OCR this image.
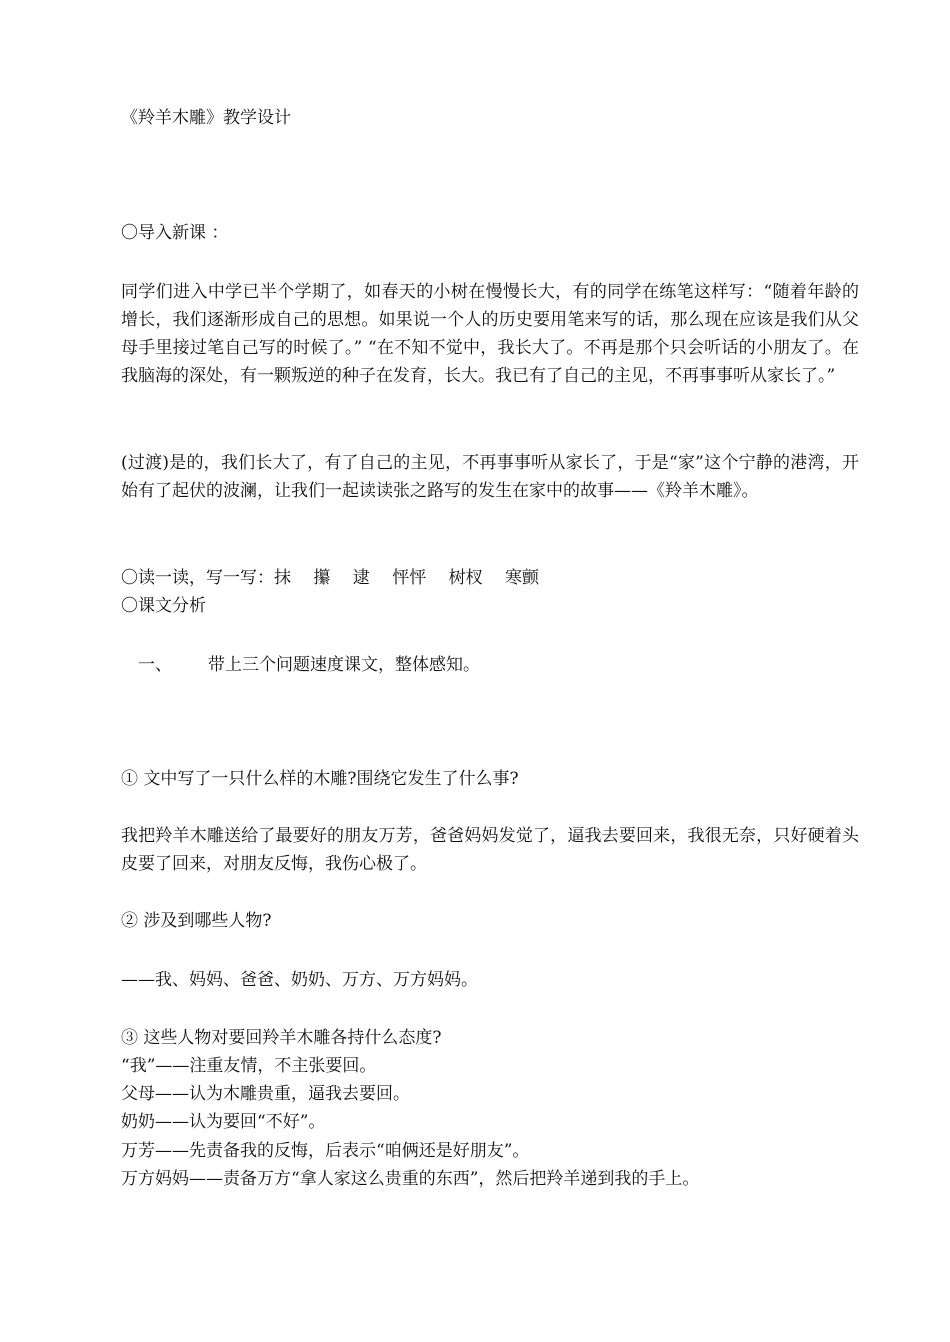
《羚羊木雕》教学设计
〇导入新课 ：
同学们进入中学已半个学期了，如春天的小树在慢慢长大，有的同学在练笔这样写：“随着年龄的增长，我们逐渐形成自己的思想。如果说一个人的历史要用笔来写的话，那么现在应该是我们从父母手里接过笔自己写的时候了。” “在不知不觉中，我长大了。不再是那个只会听话的小朋友了。在我脑海的深处，有一颗叛逆的种子在发育，长大。我已有了自己的主见，不再事事听从家长了。”
(过渡)是的，我们长大了，有了自己的主见，不再事事听从家长了，于是“家”这个宁静的港湾，开始有了起伏的波澜，让我们一起读读张之路写的发生在家中的故事——《羚羊木雕》。
〇读一读，写一写：抹　 攥　 逮　 怦怦　 树杈　 寒颤
〇课文分析
一、 带上三个问题速度课文，整体感知。
① 文中写了一只什么样的木雕?围绕它发生了什么事?
我把羚羊木雕送给了最要好的朋友万芳，爸爸妈妈发觉了，逼我去要回来，我很无奈，只好硬着头皮要了回来，对朋友反悔，我伤心极了。
② 涉及到哪些人物?
——我、妈妈、爸爸、奶奶、万方、万方妈妈。
③ 这些人物对要回羚羊木雕各持什么态度?
“我”——注重友情，不主张要回。
父母——认为木雕贵重，逼我去要回。
奶奶——认为要回“不好”。
万芳——先责备我的反悔，后表示“咱俩还是好朋友”。
万方妈妈——责备万方“拿人家这么贵重的东西”，然后把羚羊递到我的手上。
